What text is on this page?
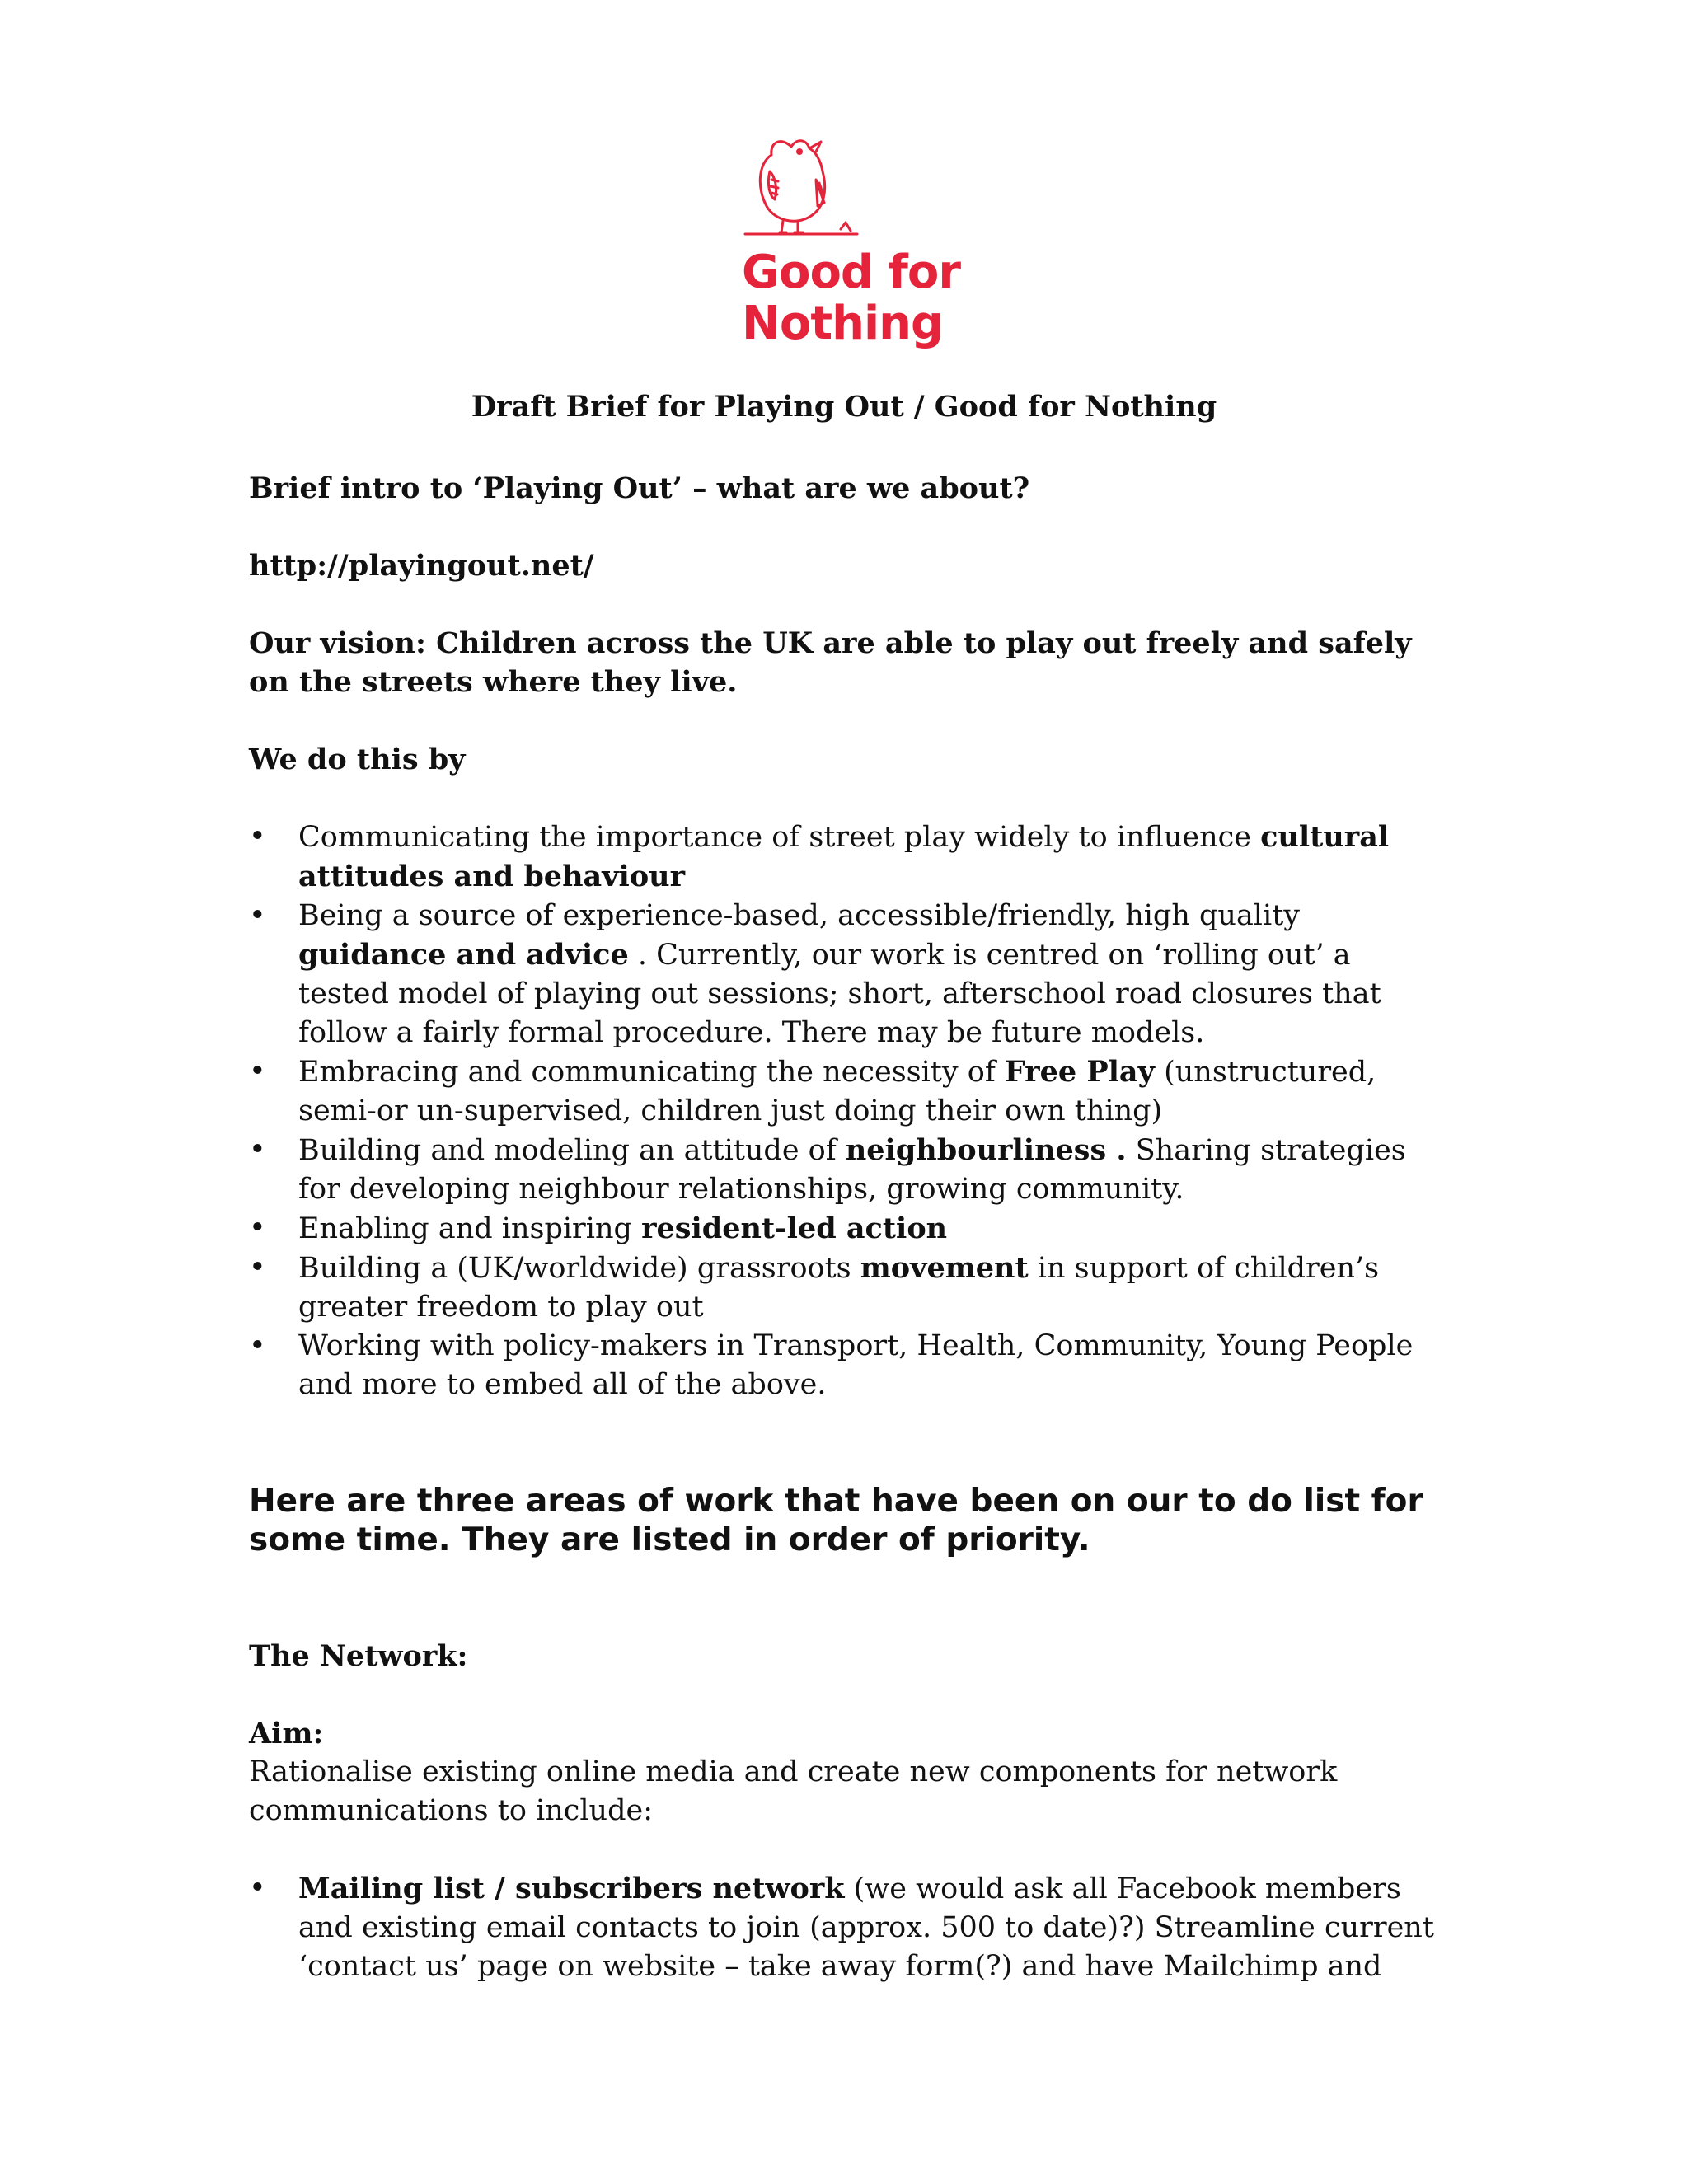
Good for
Nothing

Draft Brief for Playing Out / Good for Nothing

Brief intro to ‘Playing Out’ – what are we about?

http://playingout.net/

Our vision: Children across the UK are able to play out freely and safely on the streets where they live.

We do this by

•	Communicating the importance of street play widely to influence cultural attitudes and behaviour
•	Being a source of experience-based, accessible/friendly, high quality guidance and advice . Currently, our work is centred on ‘rolling out’ a tested model of playing out sessions; short, afterschool road closures that follow a fairly formal procedure. There may be future models.
•	Embracing and communicating the necessity of Free Play (unstructured, semi-or un-supervised, children just doing their own thing)
•	Building and modeling an attitude of neighbourliness . Sharing strategies for developing neighbour relationships, growing community.
•	Enabling and inspiring resident-led action
•	Building a (UK/worldwide) grassroots movement in support of children’s greater freedom to play out
•	Working with policy-makers in Transport, Health, Community, Young People and more to embed all of the above.

Here are three areas of work that have been on our to do list for some time. They are listed in order of priority.

The Network:

Aim:

Rationalise existing online media and create new components for network communications to include:

•	Mailing list / subscribers network (we would ask all Facebook members and existing email contacts to join (approx. 500 to date)?) Streamline current ‘contact us’ page on website – take away form(?) and have Mailchimp and
